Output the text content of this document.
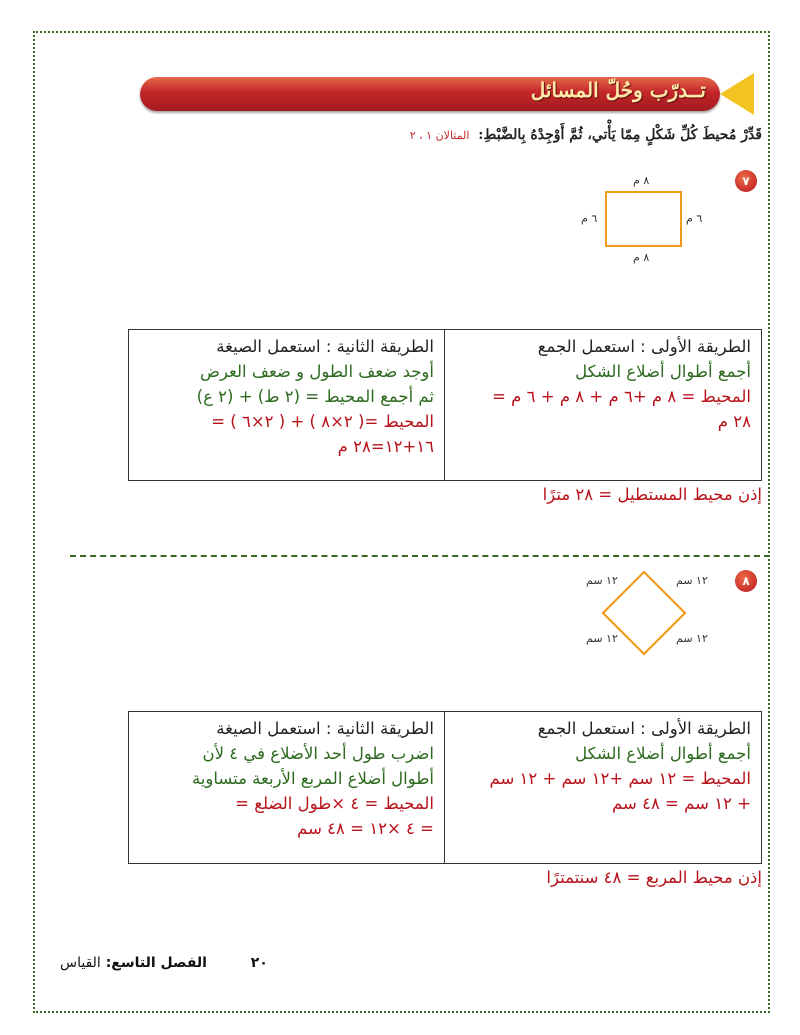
تــدرّب وحُلّ المسائل
قَدِّرْ مُحيطَ كُلِّ شَكْلٍ مِمّا يَأْتي، ثُمَّ أَوْجِدْهُ بِالضَّبْطِ: المثالان ١ ، ٢
٧
٨ م
٨ م
٦ م	٦ م
الطريقة الأولى : استعمل الجمع
أجمع أطوال أضلاع الشكل
المحيط = ٨ م +٦ م + ٨ م + ٦ م =
٢٨ م
الطريقة الثانية : استعمل الصيغة
أوجد ضعف الطول و ضعف العرض
ثم أجمع المحيط = (٢ ط) + (٢ ع)
المحيط =( ٢×٨ ) + ( ٢×٦ ) =
١٦+١٢=٢٨ م
إذن محيط المستطيل = ٢٨ مترًا
٨
١٢ سم
١٢ سم
١٢ سم
١٢ سم
الطريقة الأولى : استعمل الجمع
أجمع أطوال أضلاع الشكل
المحيط = ١٢ سم +١٢ سم + ١٢ سم
+ ١٢ سم = ٤٨ سم
الطريقة الثانية : استعمل الصيغة
اضرب طول أحد الأضلاع في ٤ لأن
أطوال أضلاع المربع الأربعة متساوية
المحيط = ٤ ×طول الضلع =
= ٤ ×١٢ = ٤٨ سم
إذن محيط المربع = ٤٨ سنتمترًا
٢٠  الفصل التاسع: القياس
